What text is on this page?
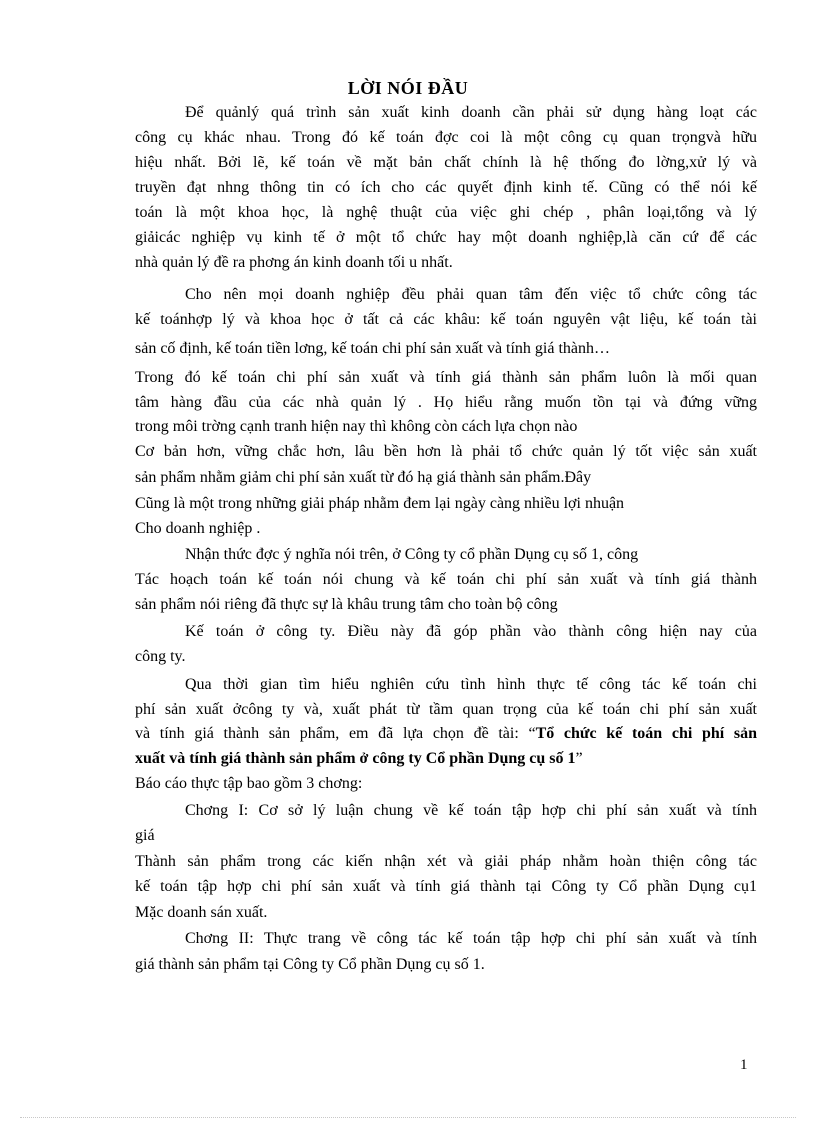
LỜI NÓI ĐẦU
Để quảnlý quá trình sản xuất kinh doanh cần phải sử dụng hàng loạt các
công cụ khác nhau. Trong đó kế toán đợc coi là một công cụ quan trọngvà hữu
hiệu nhất. Bởi lẽ, kế toán về mặt bản chất chính là hệ thống đo lờng,xử lý và
truyền đạt nhng thông tin có ích cho các quyết định kinh tế. Cũng có thể nói kế
toán là một khoa học, là nghệ thuật của việc ghi chép , phân loại,tổng và lý
giảicác nghiệp vụ kinh tế ở một tổ chức hay một doanh nghiệp,là căn cứ để các
nhà quản lý đề ra phơng án kinh doanh tối u nhất.
Cho nên mọi doanh nghiệp đều phải quan tâm đến việc tổ chức công tác
kế toánhợp lý và khoa học ở tất cả các khâu: kế toán nguyên vật liệu, kế toán tài
sản cố định, kế toán tiền lơng, kế toán chi phí sản xuất và tính giá thành…
Trong đó kế toán chi phí sản xuất và tính giá thành sản phẩm luôn là mối quan
tâm hàng đầu của các nhà quản lý . Họ hiểu rằng muốn tồn tại và đứng vững
trong môi trờng cạnh tranh hiện nay thì không còn cách lựa chọn nào
Cơ bản hơn, vững chắc hơn, lâu bền hơn là phải tổ chức quản lý tốt việc sản xuất
sản phẩm nhằm giảm chi phí sản xuất từ đó hạ giá thành sản phẩm.Đây
Cũng là một trong những giải pháp nhằm đem lại ngày càng nhiều lợi nhuận
Cho doanh nghiệp .
Nhận thức đợc ý nghĩa nói trên, ở Công ty cổ phần Dụng cụ số 1, công
Tác hoạch toán kế toán nói chung và kế toán chi phí sản xuất và tính giá thành
sản phẩm nói riêng đã thực sự là khâu trung tâm cho toàn bộ công
Kế toán ở công ty. Điều này đã góp phần vào thành công hiện nay của
công ty.
Qua thời gian tìm hiểu nghiên cứu tình hình thực tế công tác kế toán chi
phí sản xuất ởcông ty và, xuất phát từ tầm quan trọng của kế toán chi phí sản xuất
và tính giá thành sản phẩm, em đã lựa chọn đề tài: “Tổ chức kế toán chi phí sản
xuất và tính giá thành sản phẩm ở công ty Cổ phần Dụng cụ số 1”
Báo cáo thực tập bao gồm 3 chơng:
Chơng I: Cơ sở lý luận chung về kế toán tập hợp chi phí sản xuất và tính
giá
Thành sản phẩm trong các kiến nhận xét và giải pháp nhằm hoàn thiện công tác
kế toán tập hợp chi phí sản xuất và tính giá thành tại Công ty Cổ phần Dụng cụ1
Mặc doanh sán xuất.
Chơng II: Thực trang về công tác kế toán tập hợp chi phí sản xuất và tính
giá thành sản phẩm tại Công ty Cổ phần Dụng cụ số 1.
1
